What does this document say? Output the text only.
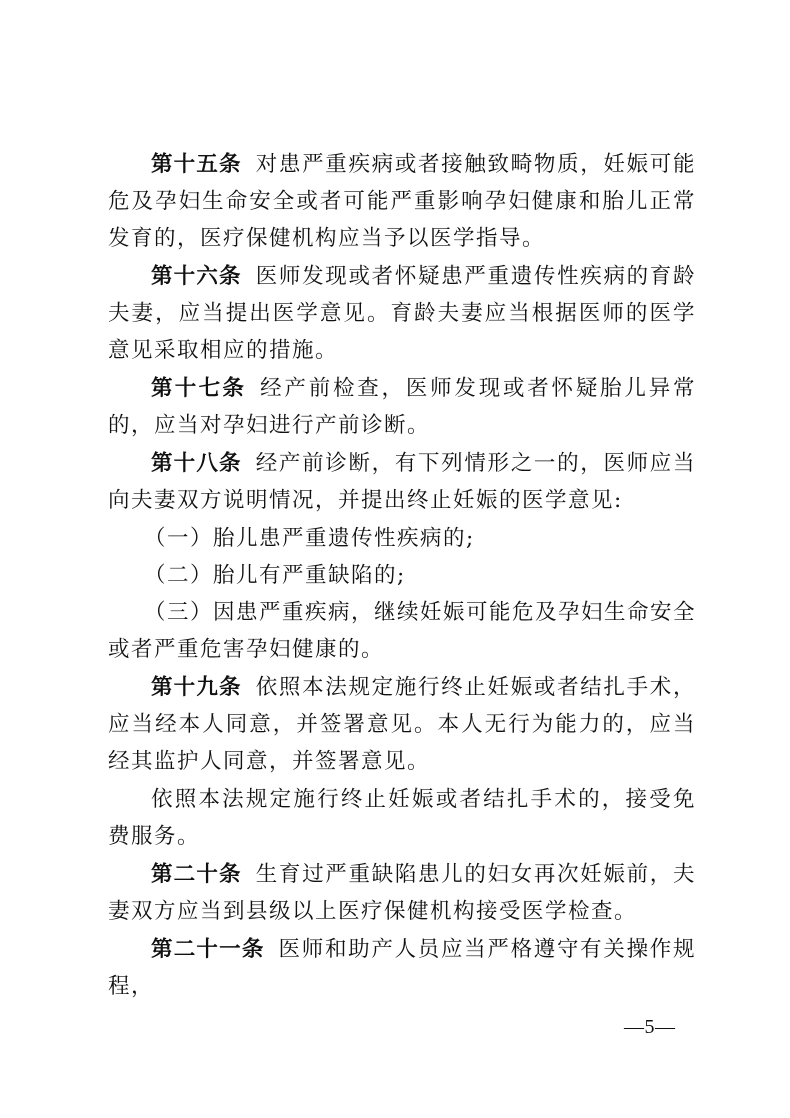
第十五条 对患严重疾病或者接触致畸物质，妊娠可能危及孕妇生命安全或者可能严重影响孕妇健康和胎儿正常发育的，医疗保健机构应当予以医学指导。

第十六条 医师发现或者怀疑患严重遗传性疾病的育龄夫妻，应当提出医学意见。育龄夫妻应当根据医师的医学意见采取相应的措施。

第十七条 经产前检查，医师发现或者怀疑胎儿异常的，应当对孕妇进行产前诊断。

第十八条 经产前诊断，有下列情形之一的，医师应当向夫妻双方说明情况，并提出终止妊娠的医学意见:

（一）胎儿患严重遗传性疾病的;

（二）胎儿有严重缺陷的;

（三）因患严重疾病，继续妊娠可能危及孕妇生命安全或者严重危害孕妇健康的。

第十九条 依照本法规定施行终止妊娠或者结扎手术，应当经本人同意，并签署意见。本人无行为能力的，应当经其监护人同意，并签署意见。

依照本法规定施行终止妊娠或者结扎手术的，接受免费服务。

第二十条 生育过严重缺陷患儿的妇女再次妊娠前，夫妻双方应当到县级以上医疗保健机构接受医学检查。

—5—

第二十一条 医师和助产人员应当严格遵守有关操作规程，
